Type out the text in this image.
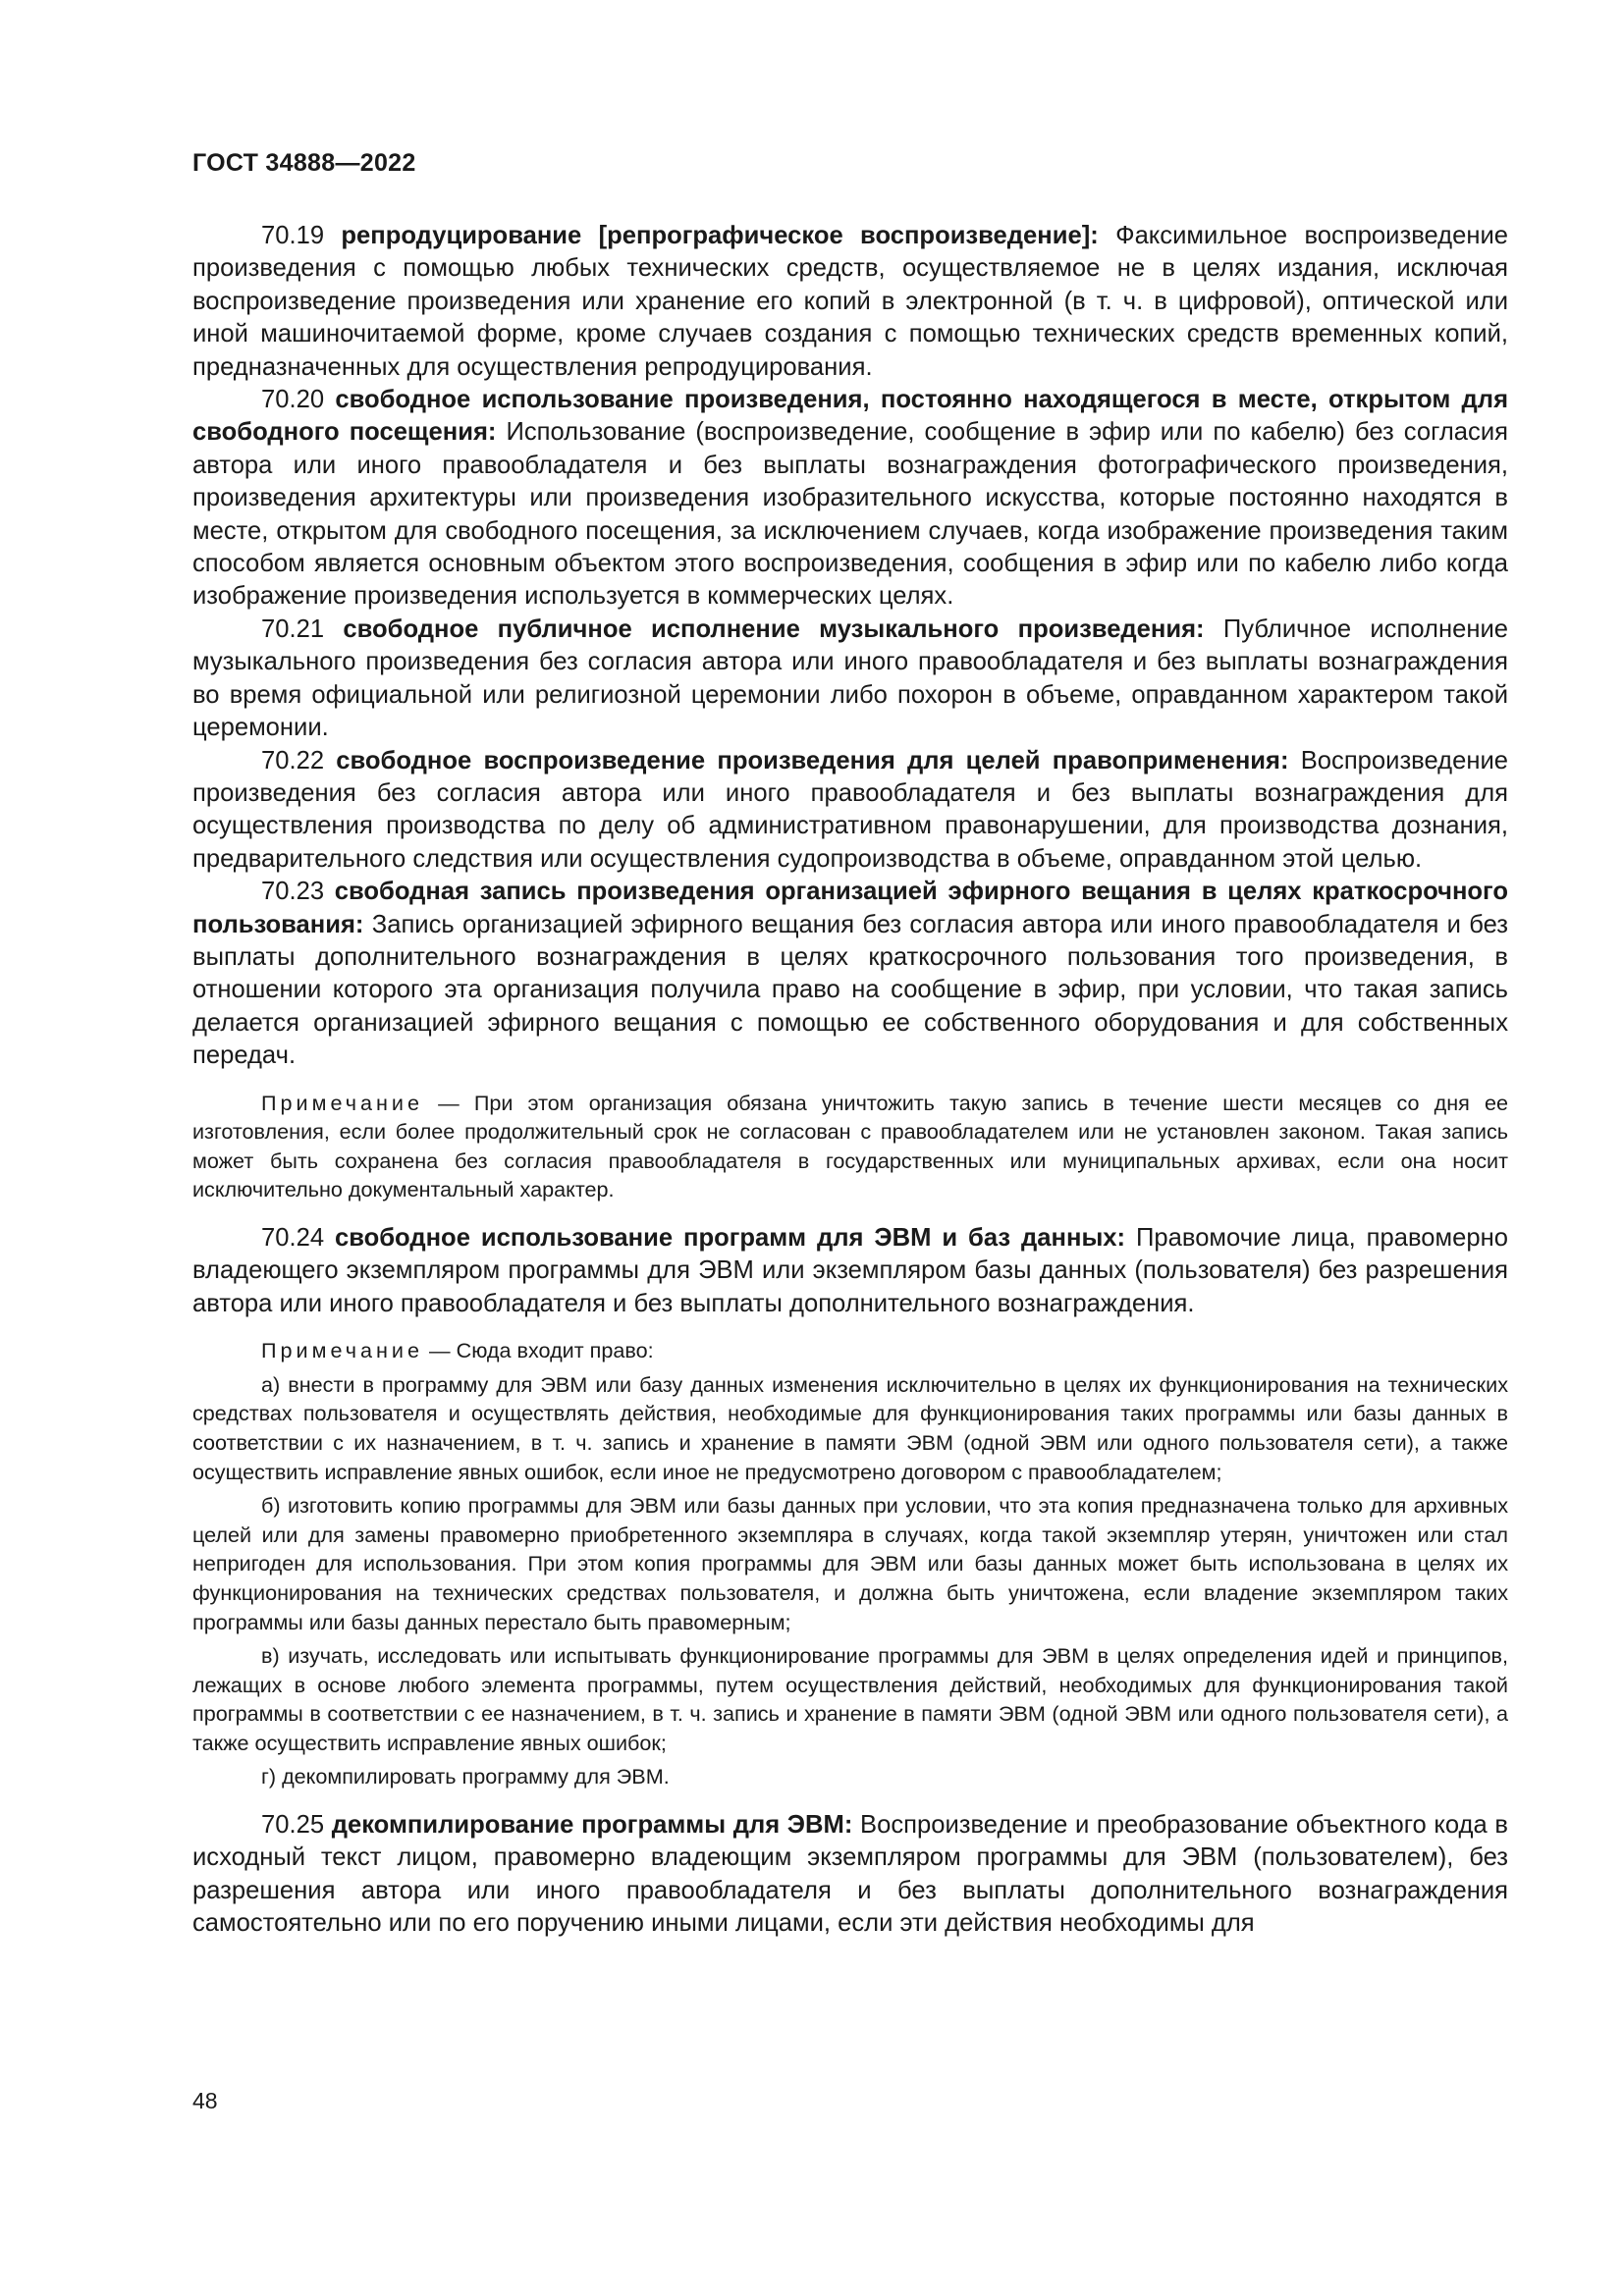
ГОСТ 34888—2022

70.19 репродуцирование [репрографическое воспроизведение]: Факсимильное воспроизведение произведения с помощью любых технических средств, осуществляемое не в целях издания, исключая воспроизведение произведения или хранение его копий в электронной (в т. ч. в цифровой), оптической или иной машиночитаемой форме, кроме случаев создания с помощью технических средств временных копий, предназначенных для осуществления репродуцирования.

70.20 свободное использование произведения, постоянно находящегося в месте, открытом для свободного посещения: Использование (воспроизведение, сообщение в эфир или по кабелю) без согласия автора или иного правообладателя и без выплаты вознаграждения фотографического произведения, произведения архитектуры или произведения изобразительного искусства, которые постоянно находятся в месте, открытом для свободного посещения, за исключением случаев, когда изображение произведения таким способом является основным объектом этого воспроизведения, сообщения в эфир или по кабелю либо когда изображение произведения используется в коммерческих целях.

70.21 свободное публичное исполнение музыкального произведения: Публичное исполнение музыкального произведения без согласия автора или иного правообладателя и без выплаты вознаграждения во время официальной или религиозной церемонии либо похорон в объеме, оправданном характером такой церемонии.

70.22 свободное воспроизведение произведения для целей правоприменения: Воспроизведение произведения без согласия автора или иного правообладателя и без выплаты вознаграждения для осуществления производства по делу об административном правонарушении, для производства дознания, предварительного следствия или осуществления судопроизводства в объеме, оправданном этой целью.

70.23 свободная запись произведения организацией эфирного вещания в целях краткосрочного пользования: Запись организацией эфирного вещания без согласия автора или иного правообладателя и без выплаты дополнительного вознаграждения в целях краткосрочного пользования того произведения, в отношении которого эта организация получила право на сообщение в эфир, при условии, что такая запись делается организацией эфирного вещания с помощью ее собственного оборудования и для собственных передач.

Примечание — При этом организация обязана уничтожить такую запись в течение шести месяцев со дня ее изготовления, если более продолжительный срок не согласован с правообладателем или не установлен законом. Такая запись может быть сохранена без согласия правообладателя в государственных или муниципальных архивах, если она носит исключительно документальный характер.

70.24 свободное использование программ для ЭВМ и баз данных: Правомочие лица, правомерно владеющего экземпляром программы для ЭВМ или экземпляром базы данных (пользователя) без разрешения автора или иного правообладателя и без выплаты дополнительного вознаграждения.

Примечание — Сюда входит право:

а) внести в программу для ЭВМ или базу данных изменения исключительно в целях их функционирования на технических средствах пользователя и осуществлять действия, необходимые для функционирования таких программы или базы данных в соответствии с их назначением, в т. ч. запись и хранение в памяти ЭВМ (одной ЭВМ или одного пользователя сети), а также осуществить исправление явных ошибок, если иное не предусмотрено договором с правообладателем;

б) изготовить копию программы для ЭВМ или базы данных при условии, что эта копия предназначена только для архивных целей или для замены правомерно приобретенного экземпляра в случаях, когда такой экземпляр утерян, уничтожен или стал непригоден для использования. При этом копия программы для ЭВМ или базы данных может быть использована в целях их функционирования на технических средствах пользователя, и должна быть уничтожена, если владение экземпляром таких программы или базы данных перестало быть правомерным;

в) изучать, исследовать или испытывать функционирование программы для ЭВМ в целях определения идей и принципов, лежащих в основе любого элемента программы, путем осуществления действий, необходимых для функционирования такой программы в соответствии с ее назначением, в т. ч. запись и хранение в памяти ЭВМ (одной ЭВМ или одного пользователя сети), а также осуществить исправление явных ошибок;

г) декомпилировать программу для ЭВМ.

70.25 декомпилирование программы для ЭВМ: Воспроизведение и преобразование объектного кода в исходный текст лицом, правомерно владеющим экземпляром программы для ЭВМ (пользователем), без разрешения автора или иного правообладателя и без выплаты дополнительного вознаграждения самостоятельно или по его поручению иными лицами, если эти действия необходимы для

48
